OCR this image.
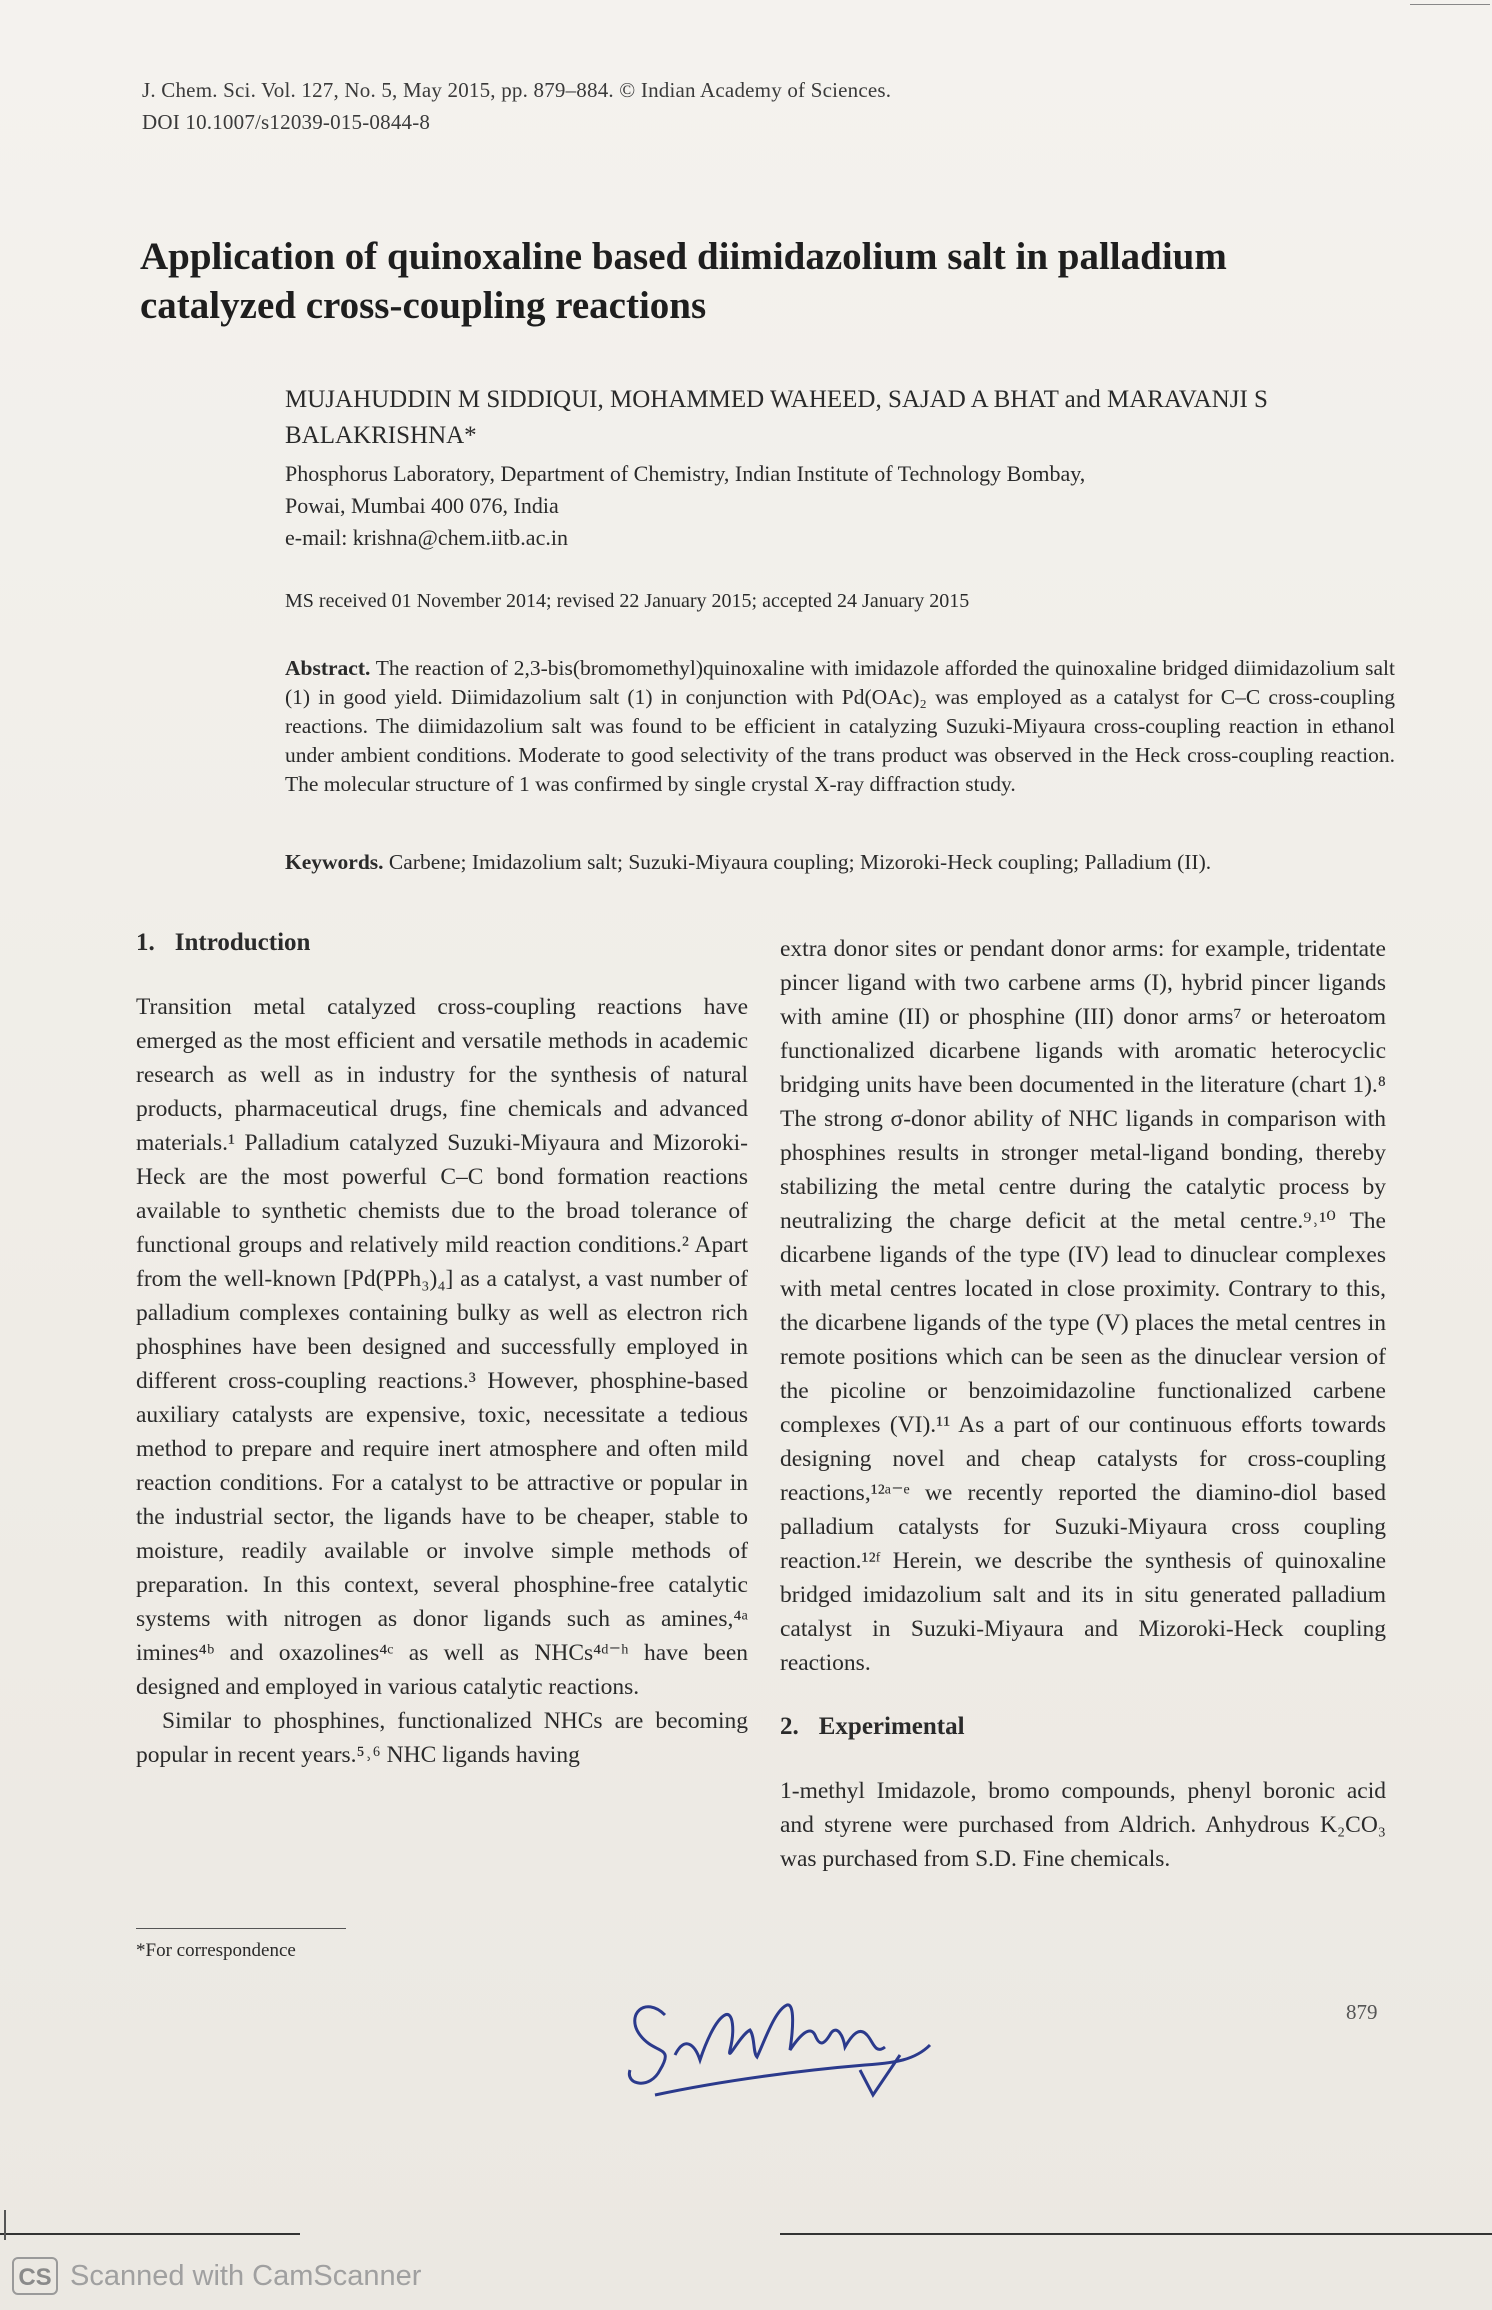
J. Chem. Sci. Vol. 127, No. 5, May 2015, pp. 879–884. © Indian Academy of Sciences.
DOI 10.1007/s12039-015-0844-8
Application of quinoxaline based diimidazolium salt in palladium catalyzed cross-coupling reactions
MUJAHUDDIN M SIDDIQUI, MOHAMMED WAHEED, SAJAD A BHAT and MARAVANJI S BALAKRISHNA*
Phosphorus Laboratory, Department of Chemistry, Indian Institute of Technology Bombay,
Powai, Mumbai 400 076, India
e-mail: krishna@chem.iitb.ac.in
MS received 01 November 2014; revised 22 January 2015; accepted 24 January 2015
Abstract. The reaction of 2,3-bis(bromomethyl)quinoxaline with imidazole afforded the quinoxaline bridged diimidazolium salt (1) in good yield. Diimidazolium salt (1) in conjunction with Pd(OAc)₂ was employed as a catalyst for C–C cross-coupling reactions. The diimidazolium salt was found to be efficient in catalyzing Suzuki-Miyaura cross-coupling reaction in ethanol under ambient conditions. Moderate to good selectivity of the trans product was observed in the Heck cross-coupling reaction. The molecular structure of 1 was confirmed by single crystal X-ray diffraction study.
Keywords. Carbene; Imidazolium salt; Suzuki-Miyaura coupling; Mizoroki-Heck coupling; Palladium (II).
1. Introduction

Transition metal catalyzed cross-coupling reactions have emerged as the most efficient and versatile methods in academic research as well as in industry for the synthesis of natural products, pharmaceutical drugs, fine chemicals and advanced materials.¹ Palladium catalyzed Suzuki-Miyaura and Mizoroki-Heck are the most powerful C–C bond formation reactions available to synthetic chemists due to the broad tolerance of functional groups and relatively mild reaction conditions.² Apart from the well-known [Pd(PPh₃)₄] as a catalyst, a vast number of palladium complexes containing bulky as well as electron rich phosphines have been designed and successfully employed in different cross-coupling reactions.³ However, phosphine-based auxiliary catalysts are expensive, toxic, necessitate a tedious method to prepare and require inert atmosphere and often mild reaction conditions. For a catalyst to be attractive or popular in the industrial sector, the ligands have to be cheaper, stable to moisture, readily available or involve simple methods of preparation. In this context, several phosphine-free catalytic systems with nitrogen as donor ligands such as amines,⁴ᵃ imines⁴ᵇ and oxazolines⁴ᶜ as well as NHCs⁴ᵈ⁻ʰ have been designed and employed in various catalytic reactions.

Similar to phosphines, functionalized NHCs are becoming popular in recent years.⁵˒⁶ NHC ligands having

extra donor sites or pendant donor arms: for example, tridentate pincer ligand with two carbene arms (I), hybrid pincer ligands with amine (II) or phosphine (III) donor arms⁷ or heteroatom functionalized dicarbene ligands with aromatic heterocyclic bridging units have been documented in the literature (chart 1).⁸ The strong σ-donor ability of NHC ligands in comparison with phosphines results in stronger metal-ligand bonding, thereby stabilizing the metal centre during the catalytic process by neutralizing the charge deficit at the metal centre.⁹˒¹⁰ The dicarbene ligands of the type (IV) lead to dinuclear complexes with metal centres located in close proximity. Contrary to this, the dicarbene ligands of the type (V) places the metal centres in remote positions which can be seen as the dinuclear version of the picoline or benzoimidazoline functionalized carbene complexes (VI).¹¹ As a part of our continuous efforts towards designing novel and cheap catalysts for cross-coupling reactions,¹²ᵃ⁻ᵉ we recently reported the diamino-diol based palladium catalysts for Suzuki-Miyaura cross coupling reaction.¹²ᶠ Herein, we describe the synthesis of quinoxaline bridged imidazolium salt and its in situ generated palladium catalyst in Suzuki-Miyaura and Mizoroki-Heck coupling reactions.

2. Experimental

1-methyl Imidazole, bromo compounds, phenyl boronic acid and styrene were purchased from Aldrich. Anhydrous K₂CO₃ was purchased from S.D. Fine chemicals.

*For correspondence
879
CS Scanned with CamScanner
